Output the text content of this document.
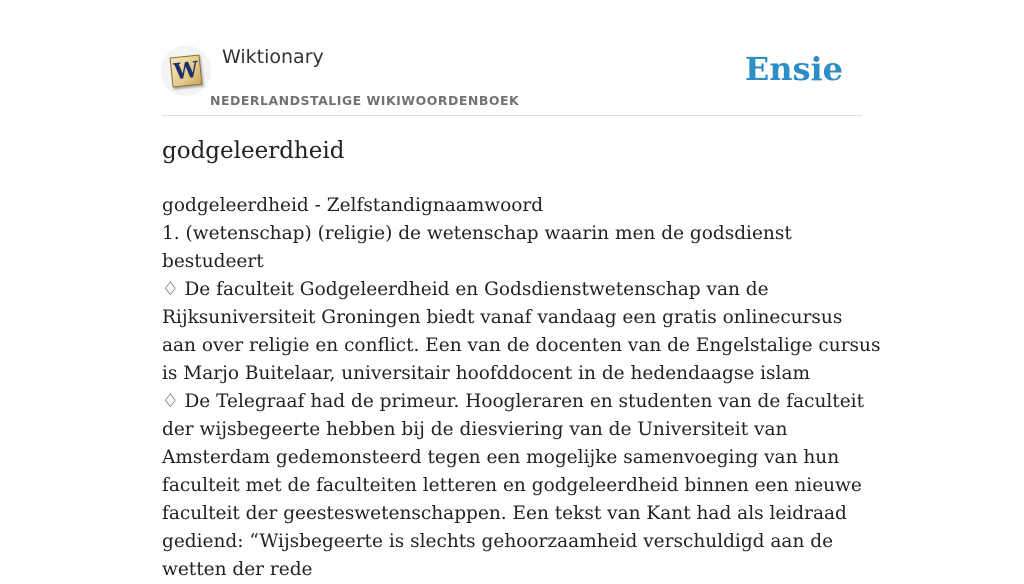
W Wiktionary
NEDERLANDSTALIGE WIKIWOORDENBOEK
Ensie
godgeleerdheid

godgeleerdheid - Zelfstandignaamwoord

1. (wetenschap) (religie) de wetenschap waarin men de godsdienst bestudeert

♢ De faculteit Godgeleerdheid en Godsdienstwetenschap van de Rijksuniversiteit Groningen biedt vanaf vandaag een gratis onlinecursus aan over religie en conflict. Een van de docenten van de Engelstalige cursus is Marjo Buitelaar, universitair hoofddocent in de hedendaagse islam

♢ De Telegraaf had de primeur. Hoogleraren en studenten van de faculteit der wijsbegeerte hebben bij de diesviering van de Universiteit van Amsterdam gedemonsteerd tegen een mogelijke samenvoeging van hun faculteit met de faculteiten letteren en godgeleerdheid binnen een nieuwe faculteit der geesteswetenschappen. Een tekst van Kant had als leidraad gediend: “Wijsbegeerte is slechts gehoorzaamheid verschuldigd aan de wetten der rede
